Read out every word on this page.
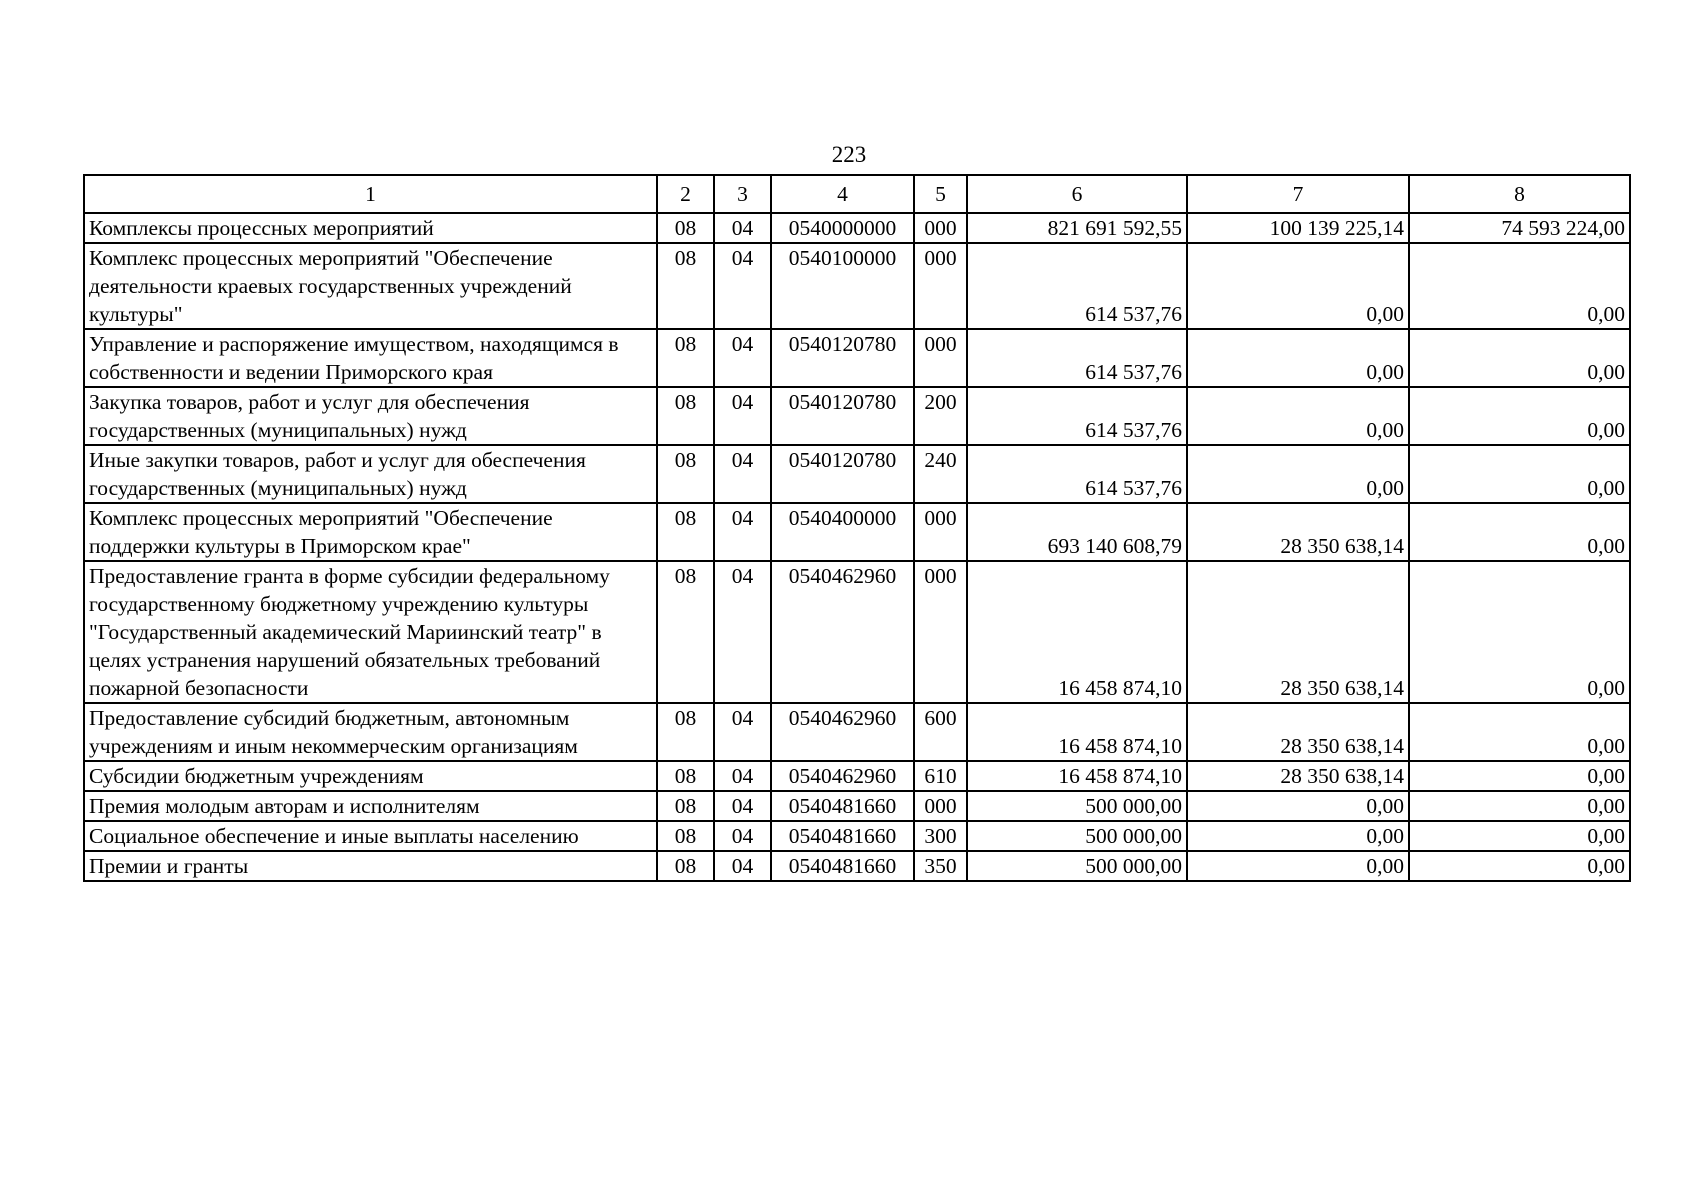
223
1	2	3	4	5	6	7	8
Комплексы процессных мероприятий	08	04	0540000000	000	821 691 592,55	100 139 225,14	74 593 224,00
Комплекс процессных мероприятий "Обеспечение деятельности краевых государственных учреждений культуры"	08	04	0540100000	000	614 537,76	0,00	0,00
Управление и распоряжение имуществом, находящимся в собственности и ведении Приморского края	08	04	0540120780	000	614 537,76	0,00	0,00
Закупка товаров, работ и услуг для обеспечения государственных (муниципальных) нужд	08	04	0540120780	200	614 537,76	0,00	0,00
Иные закупки товаров, работ и услуг для обеспечения государственных (муниципальных) нужд	08	04	0540120780	240	614 537,76	0,00	0,00
Комплекс процессных мероприятий "Обеспечение поддержки культуры в Приморском крае"	08	04	0540400000	000	693 140 608,79	28 350 638,14	0,00
Предоставление гранта в форме субсидии федеральному государственному бюджетному учреждению культуры "Государственный академический Мариинский театр" в целях устранения нарушений обязательных требований пожарной безопасности	08	04	0540462960	000	16 458 874,10	28 350 638,14	0,00
Предоставление субсидий бюджетным, автономным учреждениям и иным некоммерческим организациям	08	04	0540462960	600	16 458 874,10	28 350 638,14	0,00
Субсидии бюджетным учреждениям	08	04	0540462960	610	16 458 874,10	28 350 638,14	0,00
Премия молодым авторам и исполнителям	08	04	0540481660	000	500 000,00	0,00	0,00
Социальное обеспечение и иные выплаты населению	08	04	0540481660	300	500 000,00	0,00	0,00
Премии и гранты	08	04	0540481660	350	500 000,00	0,00	0,00
